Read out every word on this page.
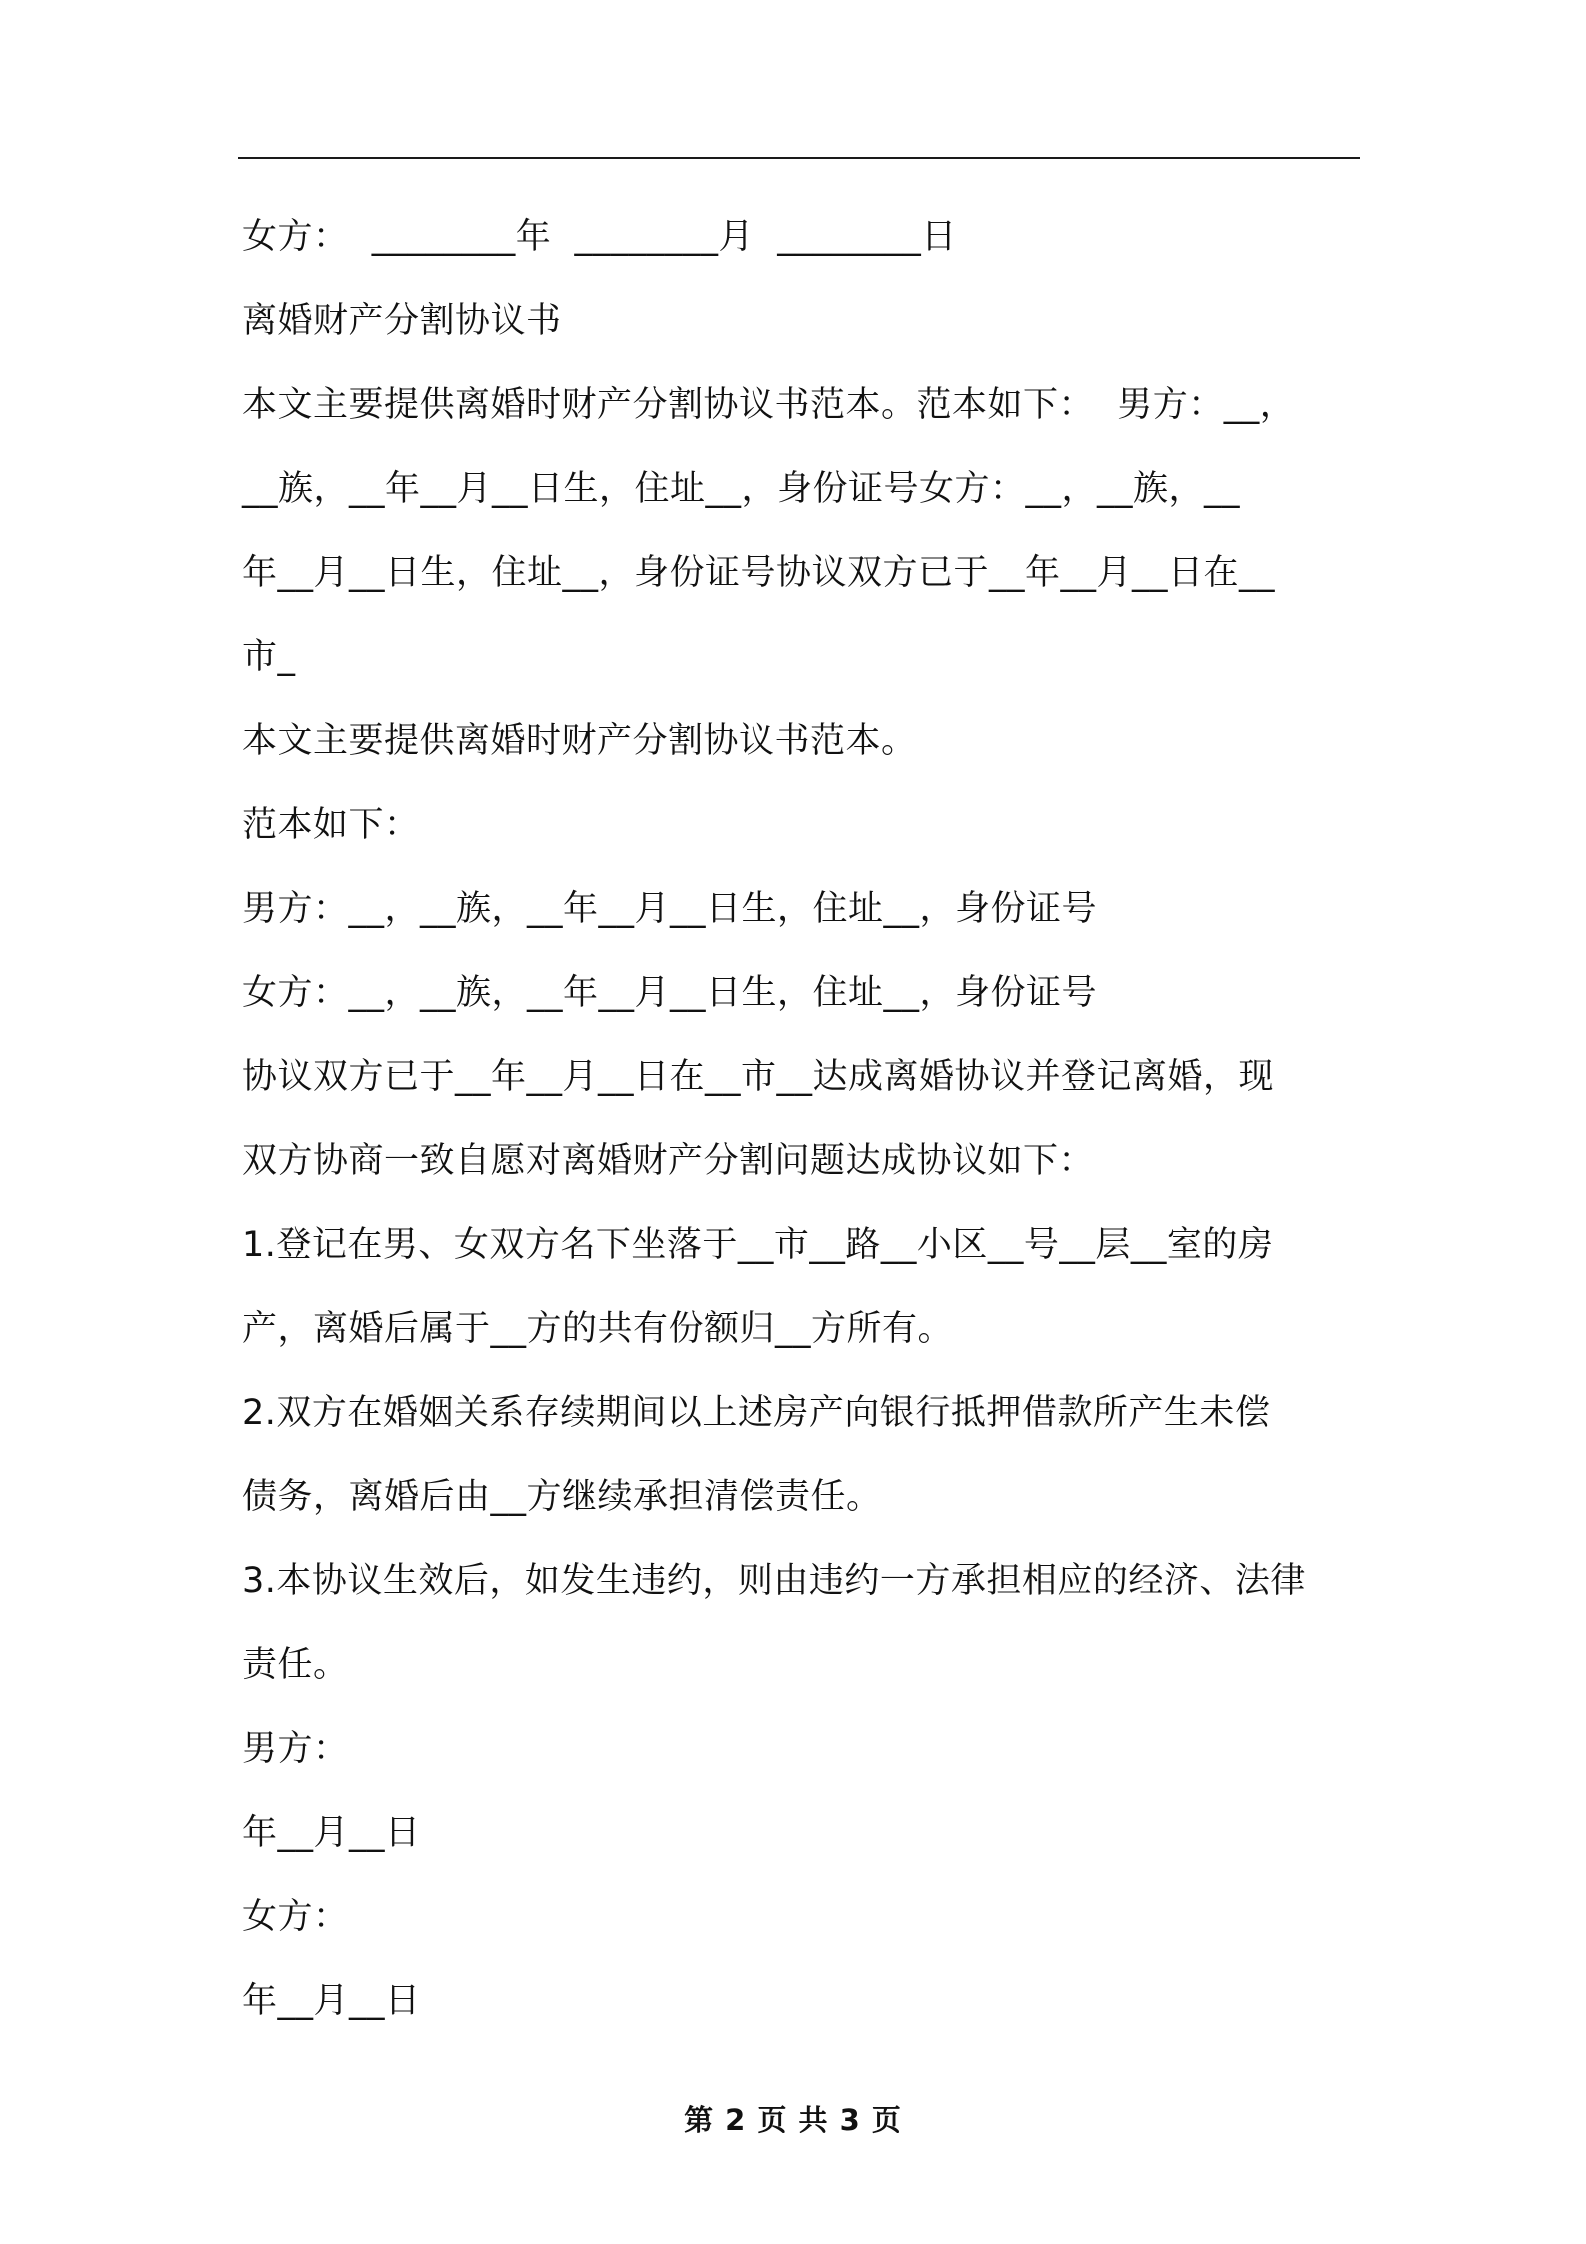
女方：  ________年  ________月  ________日
离婚财产分割协议书
本文主要提供离婚时财产分割协议书范本。范本如下：  男方：__，
__族，__年__月__日生，住址__，身份证号女方：__，__族，__
年__月__日生，住址__，身份证号协议双方已于__年__月__日在__
市_
本文主要提供离婚时财产分割协议书范本。
范本如下：
男方：__，__族，__年__月__日生，住址__，身份证号
女方：__，__族，__年__月__日生，住址__，身份证号
协议双方已于__年__月__日在__市__达成离婚协议并登记离婚，现
双方协商一致自愿对离婚财产分割问题达成协议如下：
1.登记在男、女双方名下坐落于__市__路__小区__号__层__室的房
产，离婚后属于__方的共有份额归__方所有。
2.双方在婚姻关系存续期间以上述房产向银行抵押借款所产生未偿
债务，离婚后由__方继续承担清偿责任。
3.本协议生效后，如发生违约，则由违约一方承担相应的经济、法律
责任。
男方：
年__月__日
女方：
年__月__日
第 2 页 共 3 页
